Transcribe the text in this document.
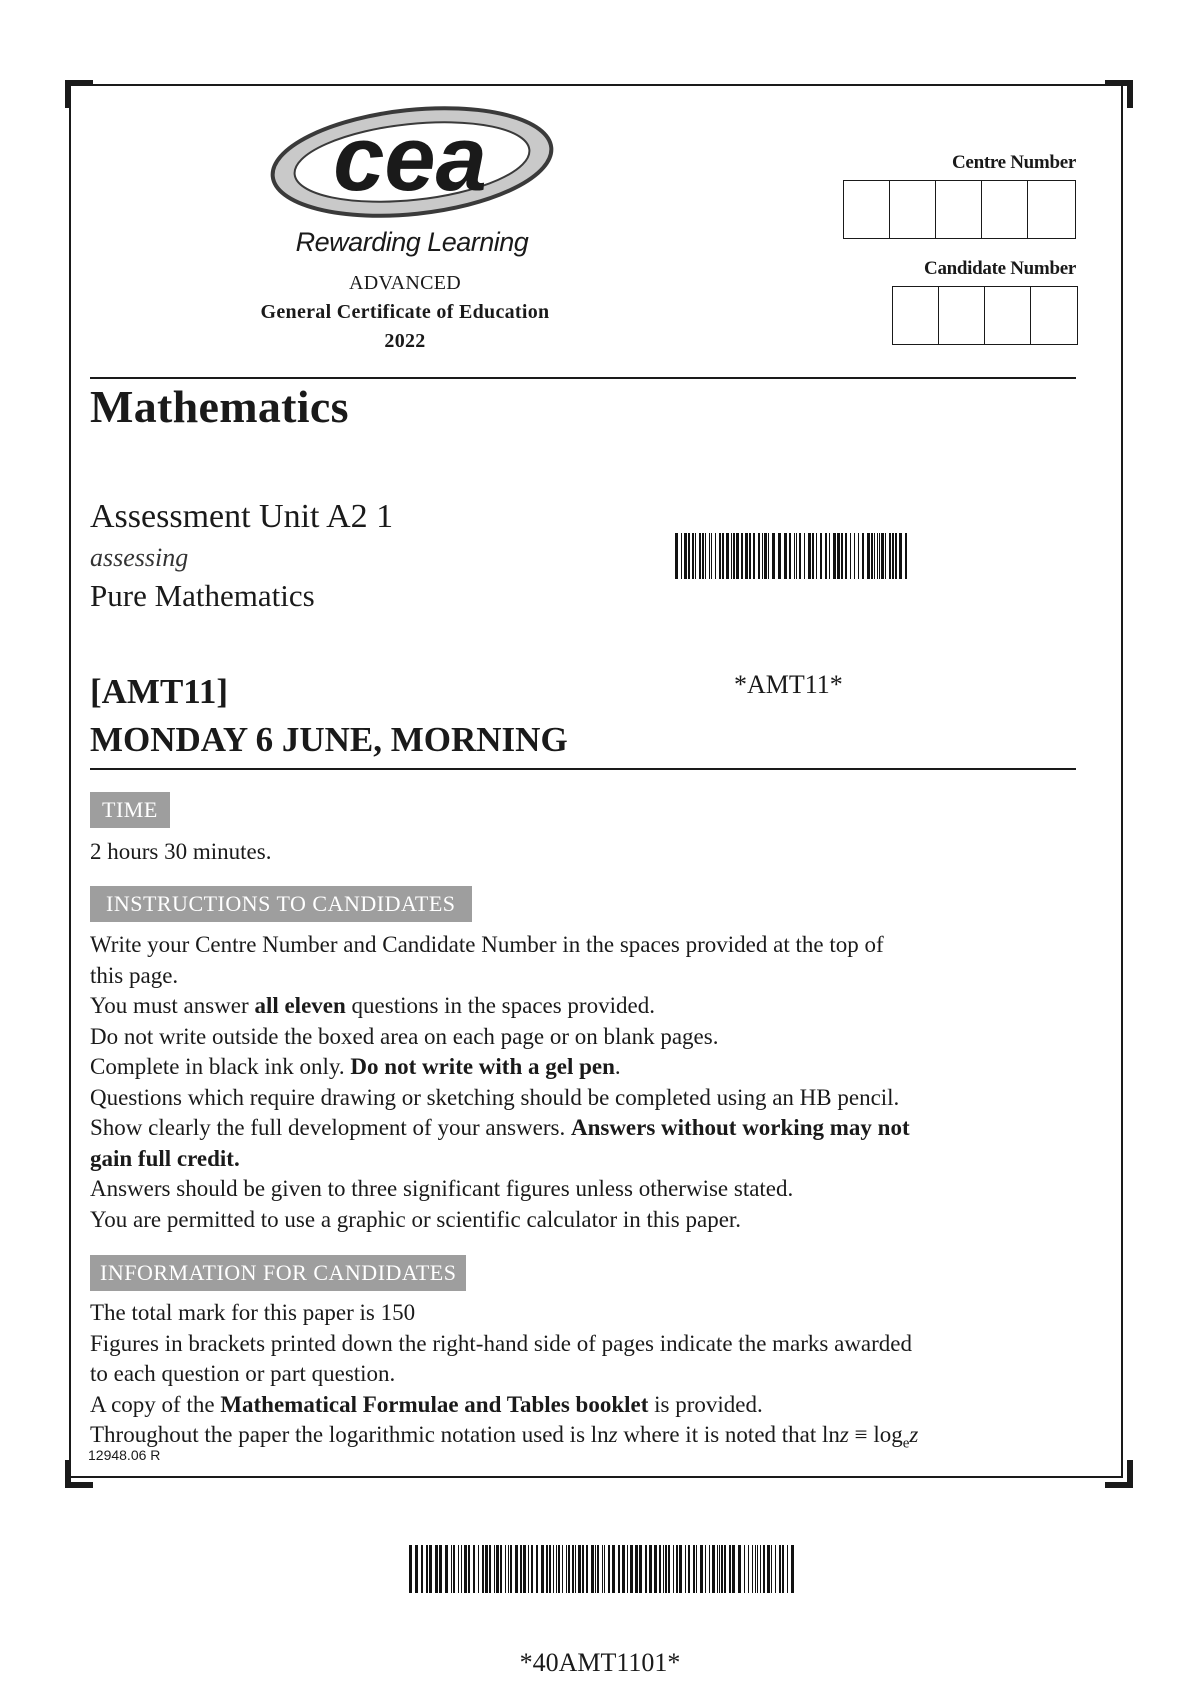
cea
Rewarding Learning
ADVANCED
General Certificate of Education
2022
Centre Number
Candidate Number
Mathematics
Assessment Unit A2 1
assessing
Pure Mathematics
*AMT11*
[AMT11]
MONDAY 6 JUNE, MORNING
TIME
2 hours 30 minutes.
INSTRUCTIONS TO CANDIDATES
Write your Centre Number and Candidate Number in the spaces provided at the top of
this page.
You must answer all eleven questions in the spaces provided.
Do not write outside the boxed area on each page or on blank pages.
Complete in black ink only. Do not write with a gel pen.
Questions which require drawing or sketching should be completed using an HB pencil.
Show clearly the full development of your answers. Answers without working may not
gain full credit.
Answers should be given to three significant figures unless otherwise stated.
You are permitted to use a graphic or scientific calculator in this paper.
INFORMATION FOR CANDIDATES
The total mark for this paper is 150
Figures in brackets printed down the right-hand side of pages indicate the marks awarded
to each question or part question.
A copy of the Mathematical Formulae and Tables booklet is provided.
Throughout the paper the logarithmic notation used is lnz where it is noted that $\ln z \equiv \log_ez$
12948.06 R
*40AMT1101*
